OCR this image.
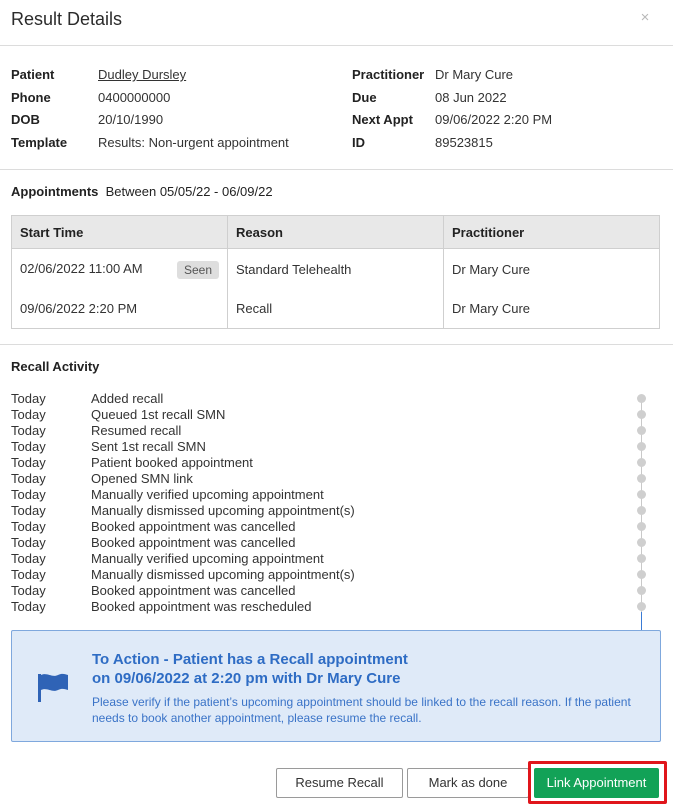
Result Details	×
Patient	Dudley Dursley
Phone	0400000000
DOB	20/10/1990
Template Results: Non-urgent appointment
Practitioner Dr Mary Cure
Due	08 Jun 2022
Next Appt 09/06/2022 2:20 PM
ID	89523815
Appointments Between 05/05/22 - 06/09/22
Start Time	Reason	Practitioner
02/06/2022 11:00 AM Seen	Standard Telehealth	Dr Mary Cure
09/06/2022 2:20 PM	Recall	Dr Mary Cure
Recall Activity
Today	Added recall
Today	Queued 1st recall SMN
Today	Resumed recall
Today	Sent 1st recall SMN
Today	Patient booked appointment
Today	Opened SMN link
Today	Manually verified upcoming appointment
Today	Manually dismissed upcoming appointment(s)
Today	Booked appointment was cancelled
Today	Booked appointment was cancelled
Today	Manually verified upcoming appointment
Today	Manually dismissed upcoming appointment(s)
Today	Booked appointment was cancelled
Today	Booked appointment was rescheduled
To Action - Patient has a Recall appointment
on 09/06/2022 at 2:20 pm with Dr Mary Cure
Please verify if the patient’s upcoming appointment should be linked to the recall reason. If the patient needs to book another appointment, please resume the recall.
Resume Recall	Mark as done	Link Appointment
